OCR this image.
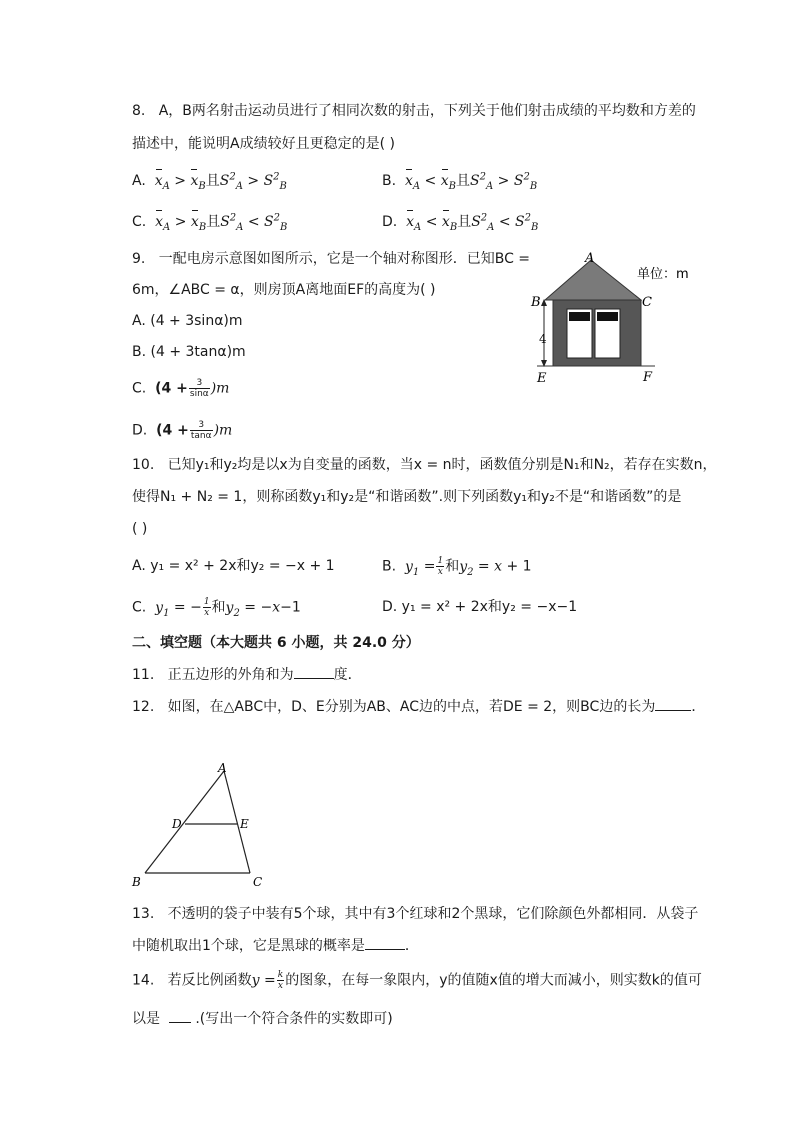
8. A，B两名射击运动员进行了相同次数的射击，下列关于他们射击成绩的平均数和方差的
描述中，能说明A成绩较好且更稳定的是( )
A. $x_A > x_B$且$S^2_A > S^2_B$	B. $x_A < x_B$且$S^2_A > S^2_B$
C. $x_A > x_B$且$S^2_A < S^2_B$	D. $x_A < x_B$且$S^2_A < S^2_B$
9. 一配电房示意图如图所示，它是一个轴对称图形．已知BC =
6m，∠ABC = α，则房顶A离地面EF的高度为( )
A. (4 + 3sinα)m
B. (4 + 3tanα)m
C. $(4 + \frac{3}{\sin\alpha} )m$
D. $(4 + \frac{3}{\tan\alpha} )m$
A
B	C
E	F
4
单位：m
10. 已知y₁和y₂均是以x为自变量的函数，当x = n时，函数值分别是N₁和N₂，若存在实数n，
使得N₁ + N₂ = 1，则称函数y₁和y₂是“和谐函数”.则下列函数y₁和y₂不是“和谐函数”的是
( )
A. y₁ = x² + 2x和y₂ = −x + 1	B. $y_1 = \frac{1}{x}$ 和$y_2 = x + 1$
C. $y_1$ = − $\frac{1}{x}$ 和$y_2 = -x-1$	D. y₁ = x² + 2x和y₂ = −x−1
二、填空题（本大题共 6 小题，共 24.0 分）
11. 正五边形的外角和为	度．
12. 如图，在△ABC中，D、E分别为AB、AC边的中点，若DE = 2，则BC边的长为	．
A
D	E
B	C
13. 不透明的袋子中装有5个球，其中有3个红球和2个黑球，它们除颜色外都相同．从袋子
中随机取出1个球，它是黑球的概率是	．
14. 若反比例函数$y = \frac{k}{x}$ 的图象，在每一象限内，y的值随x值的增大而减小，则实数k的值可
以是	.(写出一个符合条件的实数即可)
